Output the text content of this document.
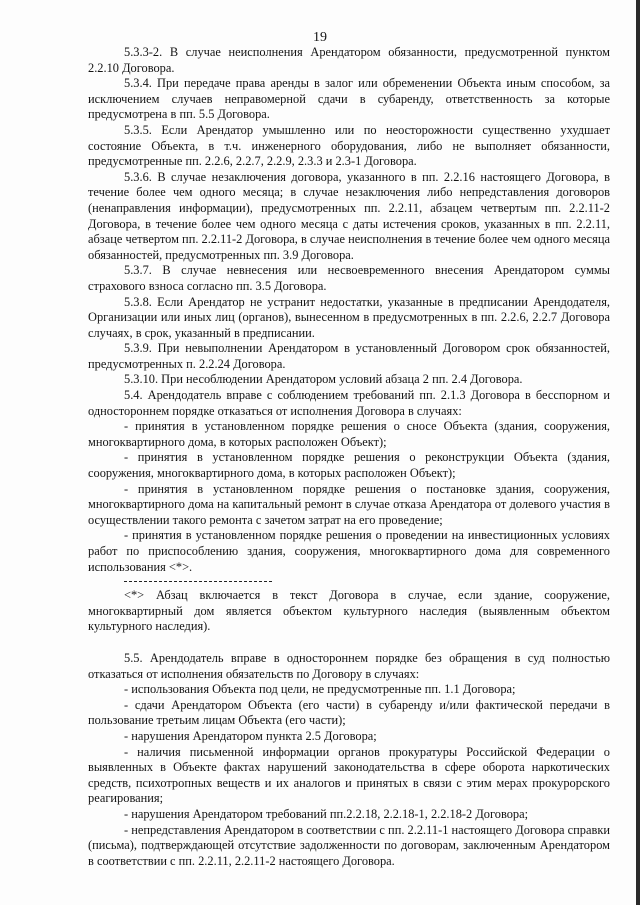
19

5.3.3-2. В случае неисполнения Арендатором обязанности, предусмотренной пунктом 2.2.10 Договора.

5.3.4. При передаче права аренды в залог или обременении Объекта иным способом, за исключением случаев неправомерной сдачи в субаренду, ответственность за которые предусмотрена в пп. 5.5 Договора.

5.3.5. Если Арендатор умышленно или по неосторожности существенно ухудшает состояние Объекта, в т.ч. инженерного оборудования, либо не выполняет обязанности, предусмотренные пп. 2.2.6, 2.2.7, 2.2.9, 2.3.3 и 2.3-1 Договора.

5.3.6. В случае незаключения договора, указанного в пп. 2.2.16 настоящего Договора, в течение более чем одного месяца; в случае незаключения либо непредставления договоров (ненаправления информации), предусмотренных пп. 2.2.11, абзацем четвертым пп. 2.2.11-2 Договора, в течение более чем одного месяца с даты истечения сроков, указанных в пп. 2.2.11, абзаце четвертом пп. 2.2.11-2 Договора, в случае неисполнения в течение более чем одного месяца обязанностей, предусмотренных пп. 3.9 Договора.

5.3.7. В случае невнесения или несвоевременного внесения Арендатором суммы страхового взноса согласно пп. 3.5 Договора.

5.3.8. Если Арендатор не устранит недостатки, указанные в предписании Арендодателя, Организации или иных лиц (органов), вынесенном в предусмотренных в пп. 2.2.6, 2.2.7 Договора случаях, в срок, указанный в предписании.

5.3.9. При невыполнении Арендатором в установленный Договором срок обязанностей, предусмотренных п. 2.2.24 Договора.

5.3.10. При несоблюдении Арендатором условий абзаца 2 пп. 2.4 Договора.

5.4. Арендодатель вправе с соблюдением требований пп. 2.1.3 Договора в бесспорном и одностороннем порядке отказаться от исполнения Договора в случаях:

- принятия в установленном порядке решения о сносе Объекта (здания, сооружения, многоквартирного дома, в которых расположен Объект);

- принятия в установленном порядке решения о реконструкции Объекта (здания, сооружения, многоквартирного дома, в которых расположен Объект);

- принятия в установленном порядке решения о постановке здания, сооружения, многоквартирного дома на капитальный ремонт в случае отказа Арендатора от долевого участия в осуществлении такого ремонта с зачетом затрат на его проведение;

- принятия в установленном порядке решения о проведении на инвестиционных условиях работ по приспособлению здания, сооружения, многоквартирного дома для современного использования <*>.

<*> Абзац включается в текст Договора в случае, если здание, сооружение, многоквартирный дом является объектом культурного наследия (выявленным объектом культурного наследия).

5.5. Арендодатель вправе в одностороннем порядке без обращения в суд полностью отказаться от исполнения обязательств по Договору в случаях:

- использования Объекта под цели, не предусмотренные пп. 1.1 Договора;

- сдачи Арендатором Объекта (его части) в субаренду и/или фактической передачи в пользование третьим лицам Объекта (его части);

- нарушения Арендатором пункта 2.5 Договора;

- наличия письменной информации органов прокуратуры Российской Федерации о выявленных в Объекте фактах нарушений законодательства в сфере оборота наркотических средств, психотропных веществ и их аналогов и принятых в связи с этим мерах прокурорского реагирования;

- нарушения Арендатором требований пп.2.2.18, 2.2.18-1, 2.2.18-2 Договора;

- непредставления Арендатором в соответствии с пп. 2.2.11-1 настоящего Договора справки (письма), подтверждающей отсутствие задолженности по договорам, заключенным Арендатором в соответствии с пп. 2.2.11, 2.2.11-2 настоящего Договора.
